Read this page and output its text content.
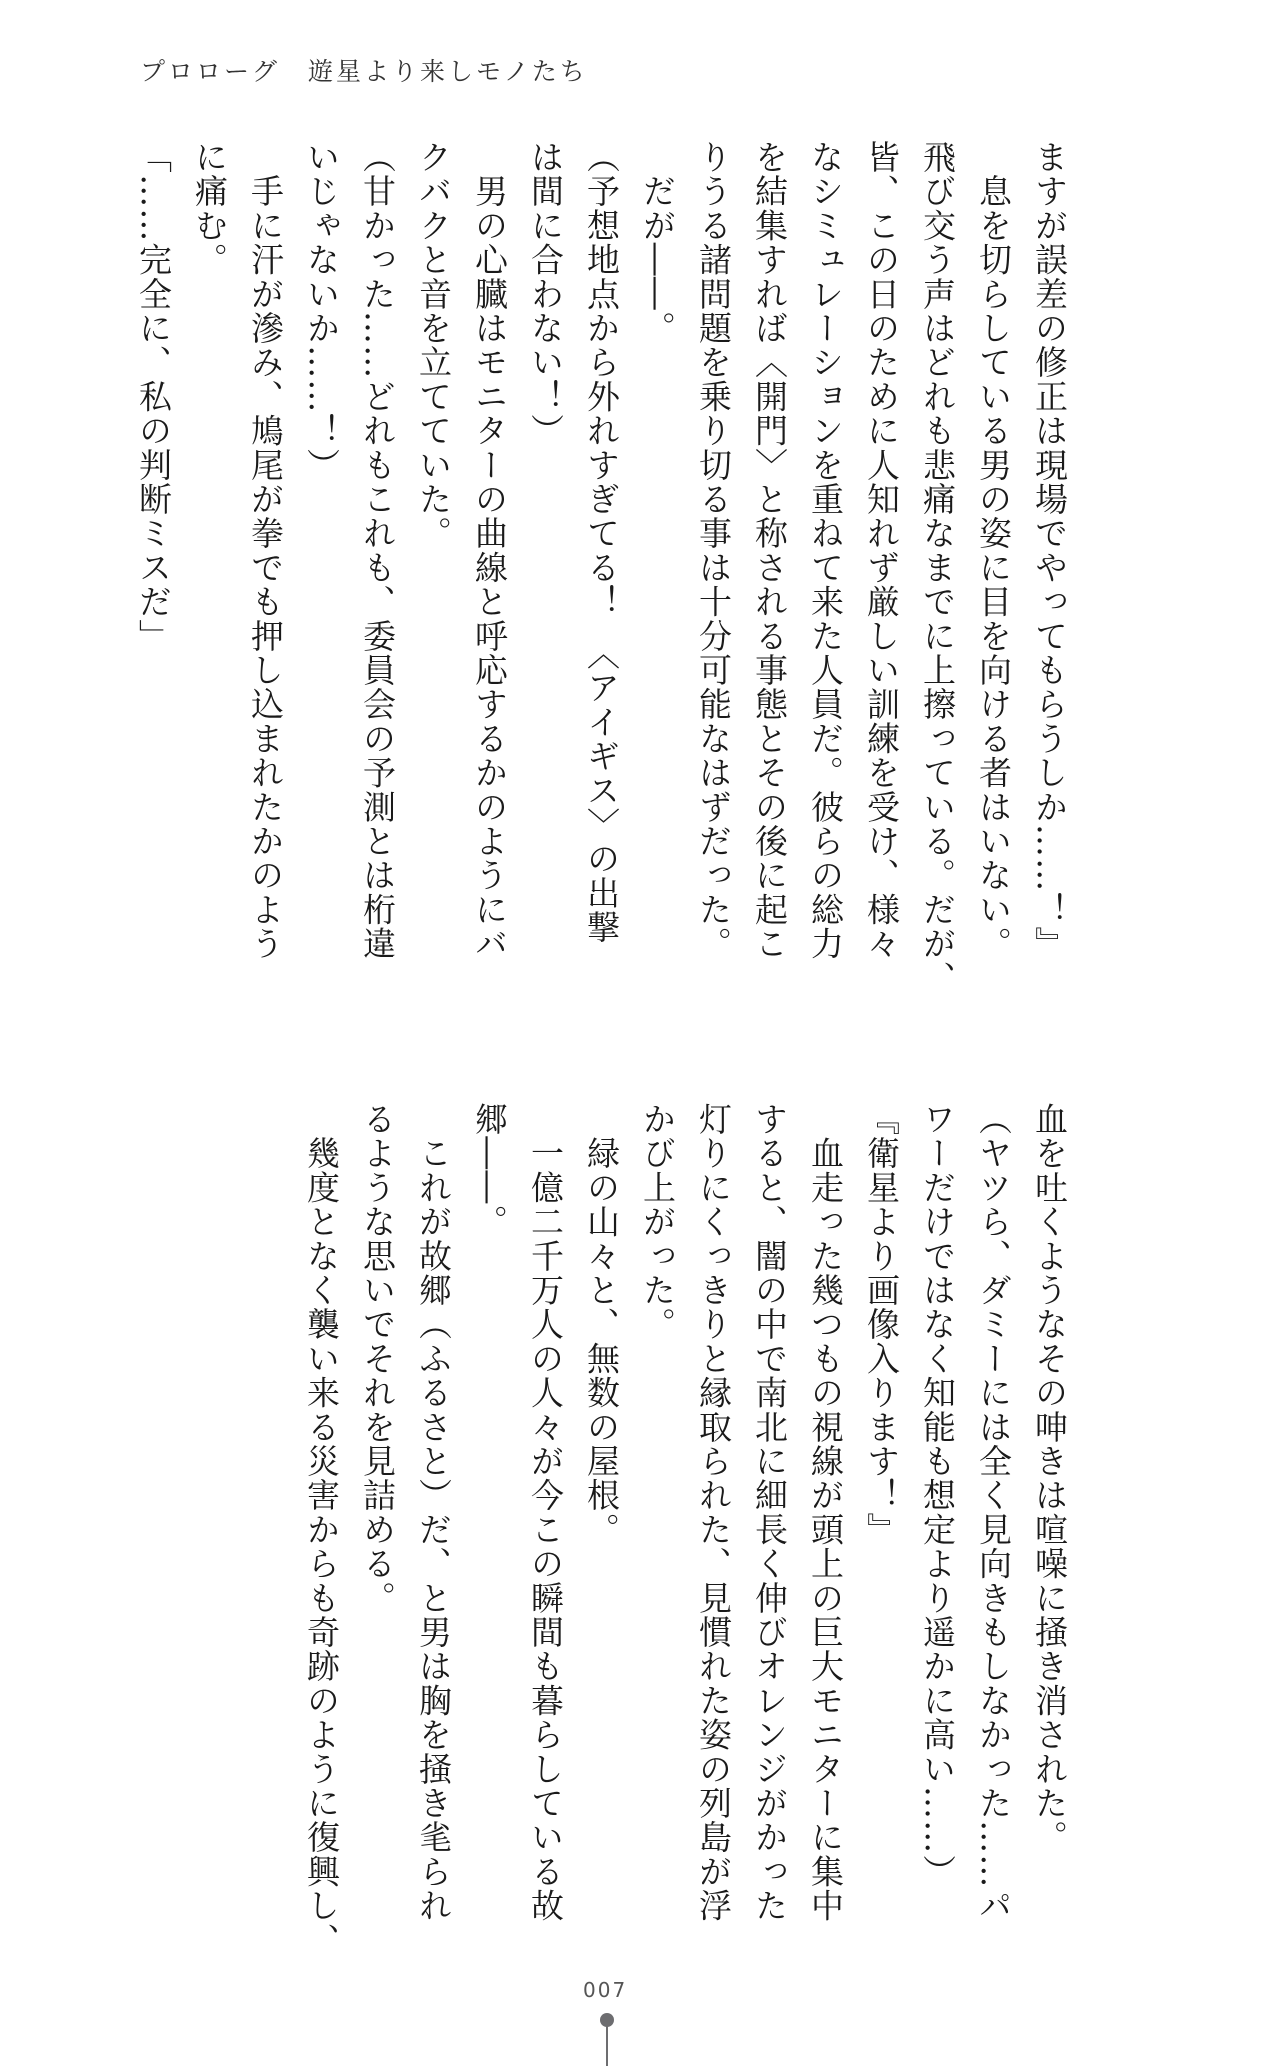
プロローグ　遊星より来しモノたち
ますが誤差の修正は現場でやってもらうしか……！』
　息を切らしている男の姿に目を向ける者はいない。
飛び交う声はどれも悲痛なまでに上擦っている。だが、
皆、この日のために人知れず厳しい訓練を受け、様々
なシミュレーションを重ねて来た人員だ。彼らの総力
を結集すれば〈開門〉と称される事態とその後に起こ
りうる諸問題を乗り切る事は十分可能なはずだった。
　だが――。
（予想地点から外れすぎてる！　〈アイギス〉の出撃
は間に合わない！）
　男の心臓はモニターの曲線と呼応するかのようにバ
クバクと音を立てていた。
（甘かった……どれもこれも、委員会の予測とは桁違
いじゃないか……！）
　手に汗が滲み、鳩尾が拳でも押し込まれたかのよう
に痛む。
「……完全に、私の判断ミスだ」
血を吐くようなその呻きは喧噪に掻き消された。
（ヤツら、ダミーには全く見向きもしなかった……パ
ワーだけではなく知能も想定より遥かに高い……）
『衛星より画像入ります！』
　血走った幾つもの視線が頭上の巨大モニターに集中
すると、闇の中で南北に細長く伸びオレンジがかった
灯りにくっきりと縁取られた、見慣れた姿の列島が浮
かび上がった。
　緑の山々と、無数の屋根。
　一億二千万人の人々が今この瞬間も暮らしている故
郷――。
　これが故郷（ふるさと）だ、と男は胸を掻き毟られ
るような思いでそれを見詰める。
　幾度となく襲い来る災害からも奇跡のように復興し、
007
